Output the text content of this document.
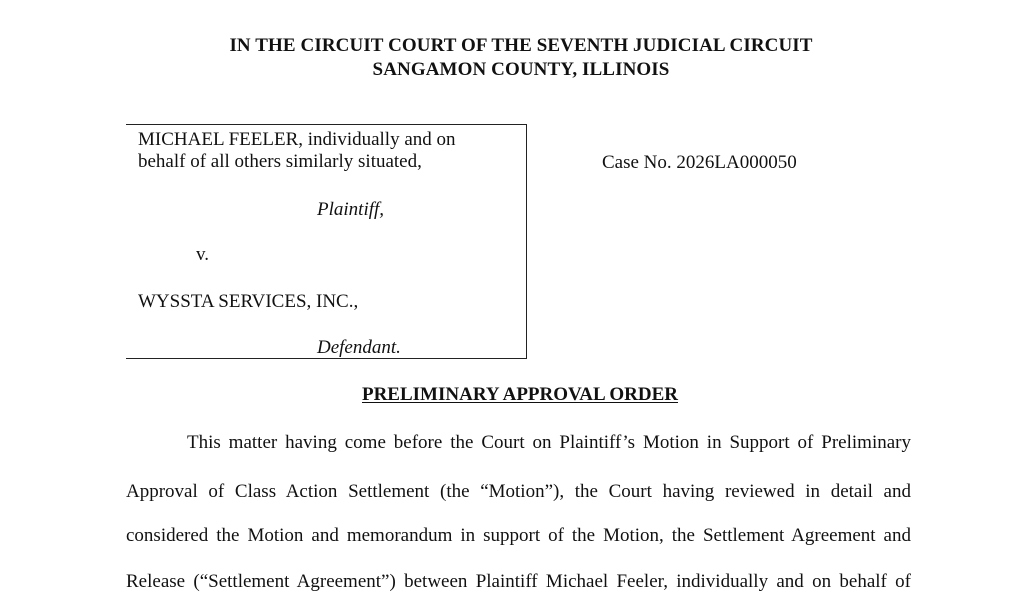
IN THE CIRCUIT COURT OF THE SEVENTH JUDICIAL CIRCUIT
SANGAMON COUNTY, ILLINOIS
MICHAEL FEELER, individually and on
behalf of all others similarly situated,
Plaintiff,
v.
WYSSTA SERVICES, INC.,
Defendant.
Case No. 2026LA000050
PRELIMINARY APPROVAL ORDER
This matter having come before the Court on Plaintiff’s Motion in Support of Preliminary
Approval of Class Action Settlement (the “Motion”), the Court having reviewed in detail and
considered the Motion and memorandum in support of the Motion, the Settlement Agreement and
Release (“Settlement Agreement”) between Plaintiff Michael Feeler, individually and on behalf of
